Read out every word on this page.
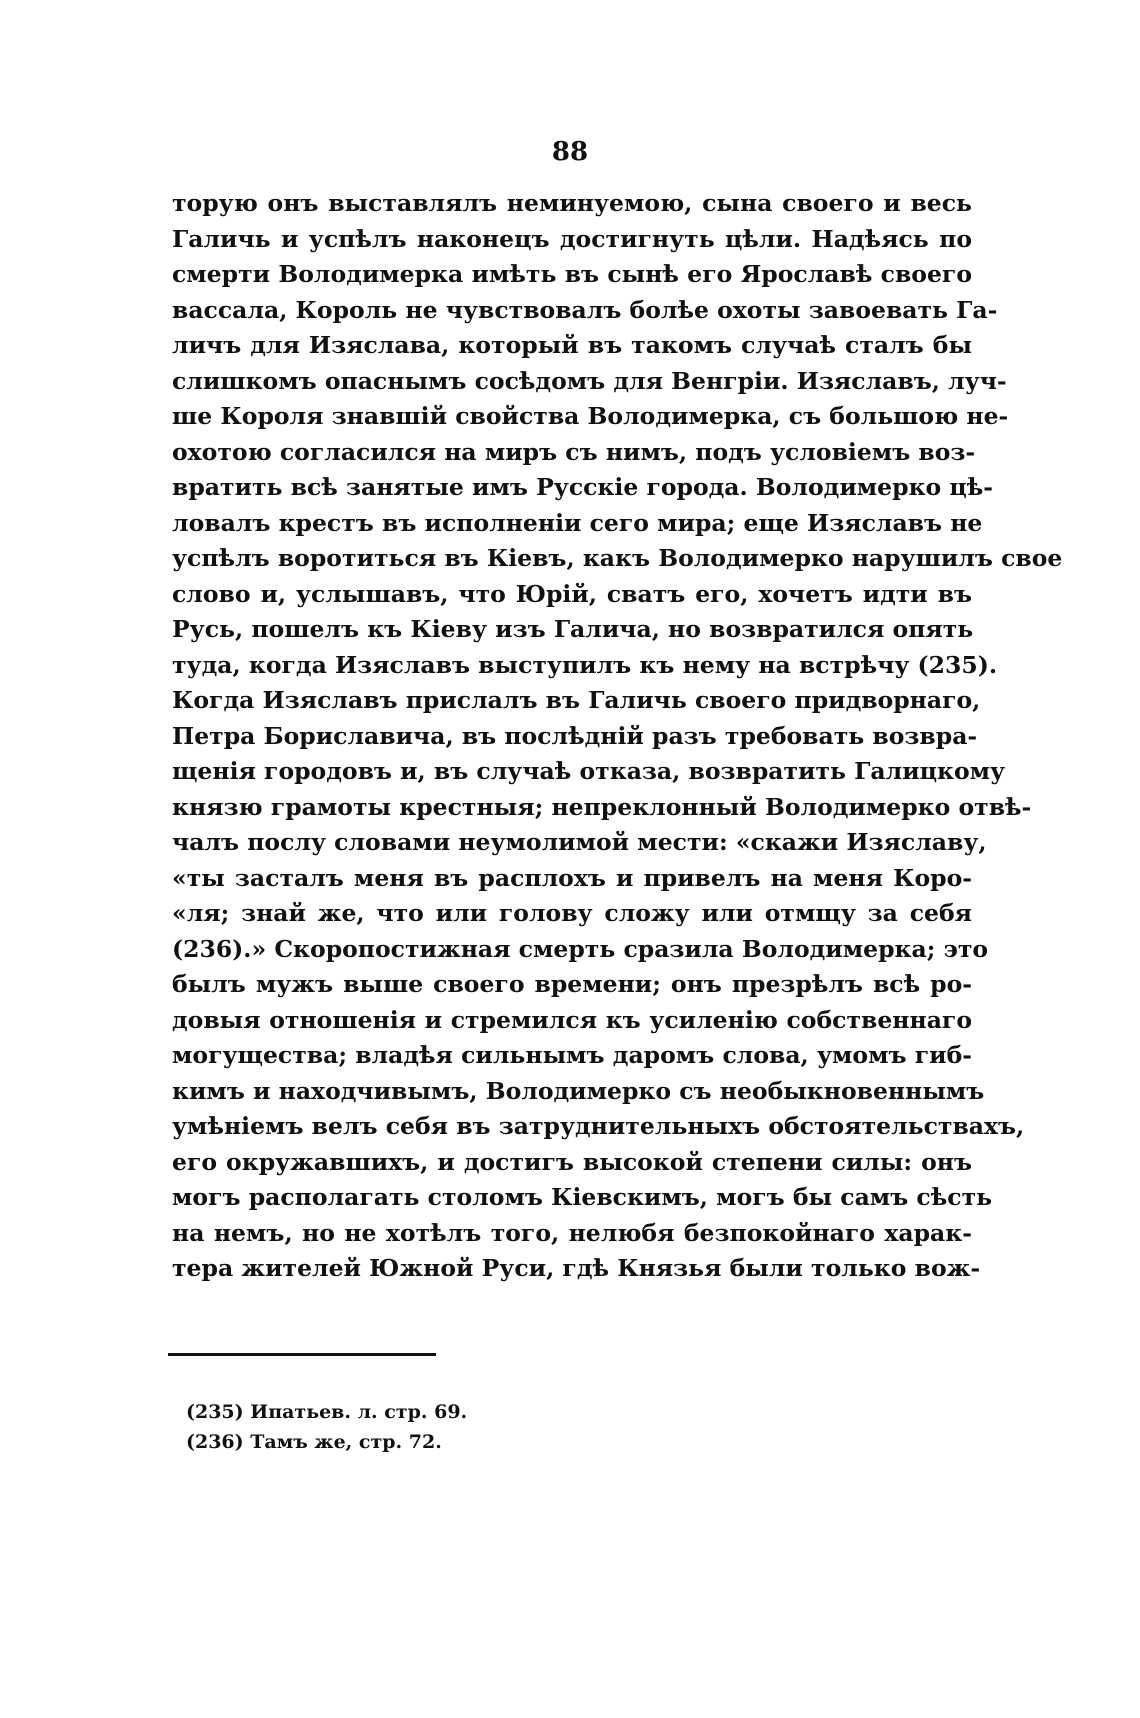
88
торую онъ выставлялъ неминуемою, сына своего и весь
Галичь и успѣлъ наконецъ достигнуть цѣли. Надѣясь по
смерти Володимерка имѣть въ сынѣ его Ярославѣ своего
вассала, Король не чувствовалъ болѣе охоты завоевать Га-
личъ для Изяслава, который въ такомъ случаѣ сталъ бы
слишкомъ опаснымъ сосѣдомъ для Венгріи. Изяславъ, луч-
ше Короля знавшій свойства Володимерка, съ большою не-
охотою согласился на миръ съ нимъ, подъ условіемъ воз-
вратить всѣ занятые имъ Русскіе города. Володимерко цѣ-
ловалъ крестъ въ исполненіи сего мира; еще Изяславъ не
успѣлъ воротиться въ Кіевъ, какъ Володимерко нарушилъ свое
слово и, услышавъ, что Юрій, сватъ его, хочетъ идти въ
Русь, пошелъ къ Кіеву изъ Галича, но возвратился опять
туда, когда Изяславъ выступилъ къ нему на встрѣчу (235).
Когда Изяславъ прислалъ въ Галичь своего придворнаго,
Петра Бориславича, въ послѣдній разъ требовать возвра-
щенія городовъ и, въ случаѣ отказа, возвратить Галицкому
князю грамоты крестныя; непреклонный Володимерко отвѣ-
чалъ послу словами неумолимой мести: «скажи Изяславу,
«ты засталъ меня въ расплохъ и привелъ на меня Коро-
«ля; знай же, что или голову сложу или отмщу за себя
(236).» Скоропостижная смерть сразила Володимерка; это
былъ мужъ выше своего времени; онъ презрѣлъ всѣ ро-
довыя отношенія и стремился къ усиленію собственнаго
могущества; владѣя сильнымъ даромъ слова, умомъ гиб-
кимъ и находчивымъ, Володимерко съ необыкновеннымъ
умѣніемъ велъ себя въ затруднительныхъ обстоятельствахъ,
его окружавшихъ, и достигъ высокой степени силы: онъ
могъ располагать столомъ Кіевскимъ, могъ бы самъ сѣсть
на немъ, но не хотѣлъ того, нелюбя безпокойнаго харак-
тера жителей Южной Руси, гдѣ Князья были только вож-
(235) Ипатьев. л. стр. 69.
(236) Тамъ же, стр. 72.
